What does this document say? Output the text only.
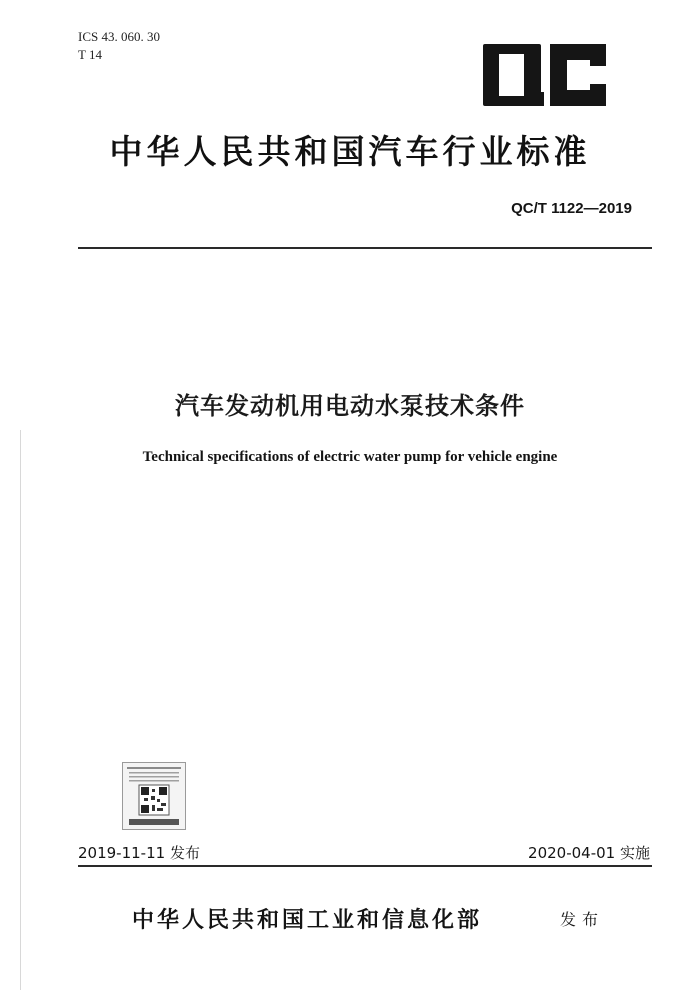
ICS 43. 060. 30
T 14
中华人民共和国汽车行业标准
QC/T 1122—2019
汽车发动机用电动水泵技术条件
Technical specifications of electric water pump for vehicle engine
2019-11-11 发布	2020-04-01 实施
中华人民共和国工业和信息化部	发布
